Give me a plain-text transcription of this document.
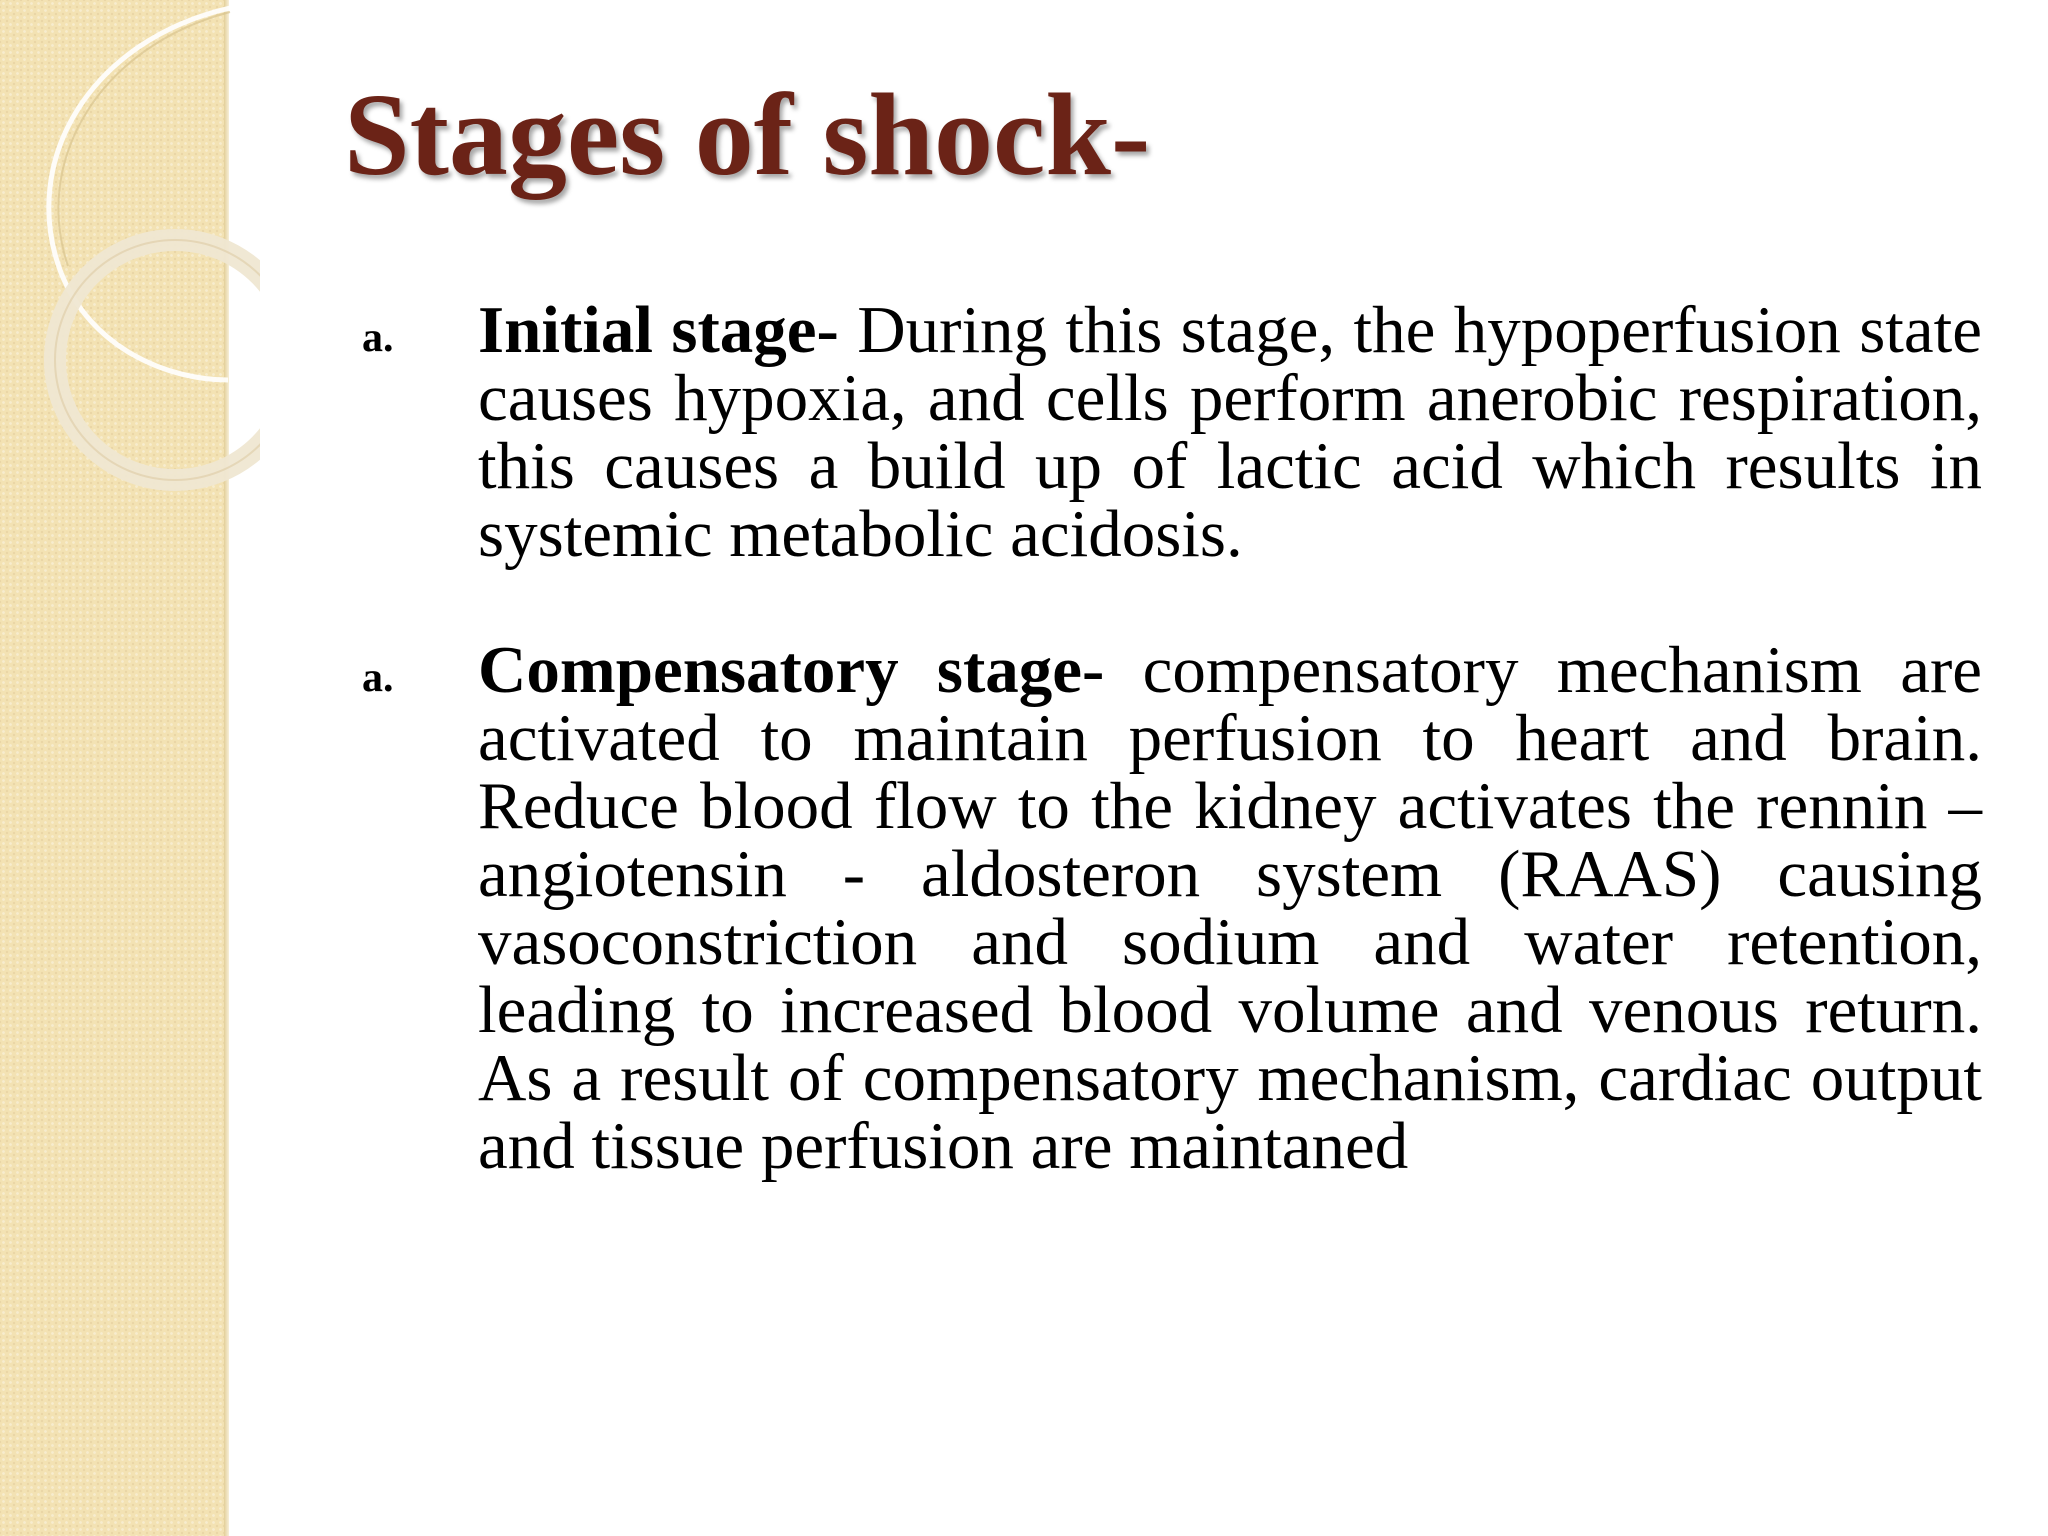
Stages of shock-
a. Initial stage- During this stage, the hypoperfusion state causes hypoxia, and cells perform anerobic respiration, this causes a build up of lactic acid which results in systemic metabolic acidosis.

a. Compensatory stage- compensatory mechanism are activated to maintain perfusion to heart and brain. Reduce blood flow to the kidney activates the rennin – angiotensin - aldosteron system (RAAS) causing vasoconstriction and sodium and water retention, leading to increased blood volume and venous return. As a result of compensatory mechanism, cardiac output and tissue perfusion are maintaned
